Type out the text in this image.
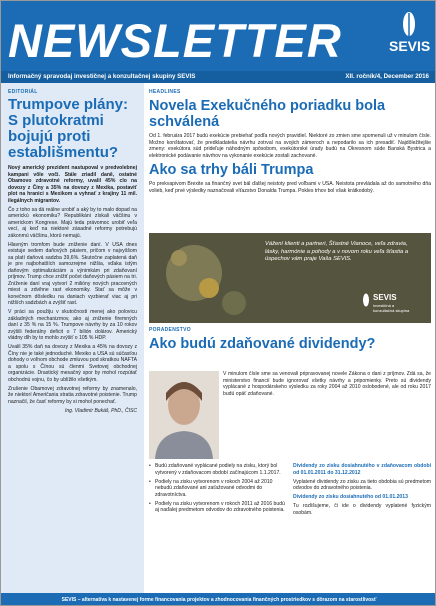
NEWSLETTER	SEVIS
Informačný spravodaj investičnej a konzultačnej skupiny SEVIS	XII. ročník/4, December 2016
EDITORIÁL
Trumpove plány: S plutokratmi bojujú proti establišmentu?

Nový americký prezident nastupoval v predvolebnej kampani vôle voči. Stále zriadil daně, ostatné Obamovo zdravotné reformy, uvalil 45% clo na dovozy z Číny a 35% na dovozy z Mexika, postaviť plot na hranici s Mexikom a vyhnať z krajiny 11 mil. ilegálnych migrantov.

Čo z toho sa dá reálne urobiť a aký by to malo dopad na americkú ekonomiku? Republikáni získali väčšinu v americkom Kongrese. Majú teda právomoc urobiť veľa vecí, aj keď na niektoré zásadné reformy potrebujú zákonmú väčšinu, ktorú nemajú.

Hlavným tromfom bude zníženie daní. V USA dnes existuje sedem daňových pásiem, pričom v najvyššom sa platí daňová sadzba 39,6%. Skutočne zaplatená daň je pre najbohatších samozrejme nižšia, vďaka istým daňovým optimalizáciám a výnimkám pri zdaňovaní príjmov. Trump chce znížiť počet daňových pásiem na tri. Zníženie daní vraj vytvorí 2 milióny nových pracovných miest a zdvihne rast ekonomiky. Stať sa môže v konečnom dôsledku na daniach vyzbierať viac aj pri nižších sadzbách a zvýšiť rast.

V práci sa použiju v skutočnosti menej ako polovicu základných mechanizmov, ako aj zníženie firemných daní z 35 % na 15 %. Trumpove návrhy by za 10 rokov zvýšili federálny deficit o 7 bilión dolárov. Americký vládny dlh by to mohlo zvýšiť o 105 % HDP.

Uvalil 35% daň na dovozy z Mexika a 45% na dovozy z Číny nie je také jednoduché. Mexiko a USA sú súčasťou dohody o voľnom obchode zmluvou pod skratkou NAFTA a spolu s Čínou sú členmi Svetovej obchodnej organizácie. Drastický mesačný spor by mohol rozpútať obchodnú vojnu, čo by ublížilo všetkým.

Zrušenie Obamovej zdravotnej reformy by znamenalo, že niektorí Američania stratia zdravotné poistenie. Trump naznačil, že časť reformy by si mohol ponechať.

Ing. Vladimír Bukáš, PhD., ČISC
HEADLINES
Novela Exekučného poriadku bola schválená
Od 1. februára 2017 budú exekúcie prebiehať podľa nových pravidiel. Niektoré zo zmien sme spomenuli už v minulom čísle. Možno konštatovať, že predkladatelia návrhu zotrval na svojich zámeroch a nepodarilo sa ich presadiť. Najdôležitejšie zmeny: exekútora súd prideľuje náhodným spôsobom, exekútorské úrady budú na Okresnom súde Banská Bystrica a elektronické podávanie návrhov na vykonanie exekúcie zostali zachované.
Ako sa trhy báli Trumpa
Po prekvapivom Brexite sa finančný svet bál ďalšej neistoty pred voľbami v USA. Neistota prevládala až do samotného dňa volieb, keď prvé výsledky naznačovali víťazstvo Donalda Trumpa. Pokles trhov bol však krátkodobý.
Vážení klienti a partneri, Šťastné Vianoce, veľa zdravia, lásky, harmónie a pohody a v novom roku veľa šťastia a úspechov vám praje Vaša SEVIS.
SEVIS
investičná a konzultačná skupina
PORADENSTVO
Ako budú zdaňované dividendy?
V minulom čísle sme sa venovali pripravovanej novele Zákona o dani z príjmov. Zdá sa, že ministerstvo financií bude ignorovať všetky návrhy a pripomienky. Preto sú dividendy vyplácané z hospodárskeho výsledku za roky 2004 až 2010 oslobodené, ale od roku 2017 budú opäť zdaňované.
• Budú zdaňované vyplácané podiely na zisku, ktorý bol vytvorený v zdaňovacom období začínajúcom 1.1.2017.
• Podiely na zisku vytvorenom v rokoch 2004 až 2010 nebudú zdaňované ani zaťažované odvodmi do zdravotníctva.
• Podiely na zisku vytvorenom v rokoch 2011 až 2016 budú aj naďalej predmetom odvodov do zdravotného poistenia.

Dividendy zo zisku dosiahnutého v zdaňovacom období od 01.01.2011 do 31.12.2012

Vyplatené dividendy zo zisku za tieto obdobia sú predmetom odvodov do zdravotného poistenia.

Dividendy zo zisku dosiahnutého od 01.01.2013

Tu rozlišujeme, či ide o dividendy vyplatené fyzickým osobám.

SEVIS – alternatíva k nastavenej forme financovania projektov a zhodnocovania finančných prostriedkov s dôrazom na starostlivosť
